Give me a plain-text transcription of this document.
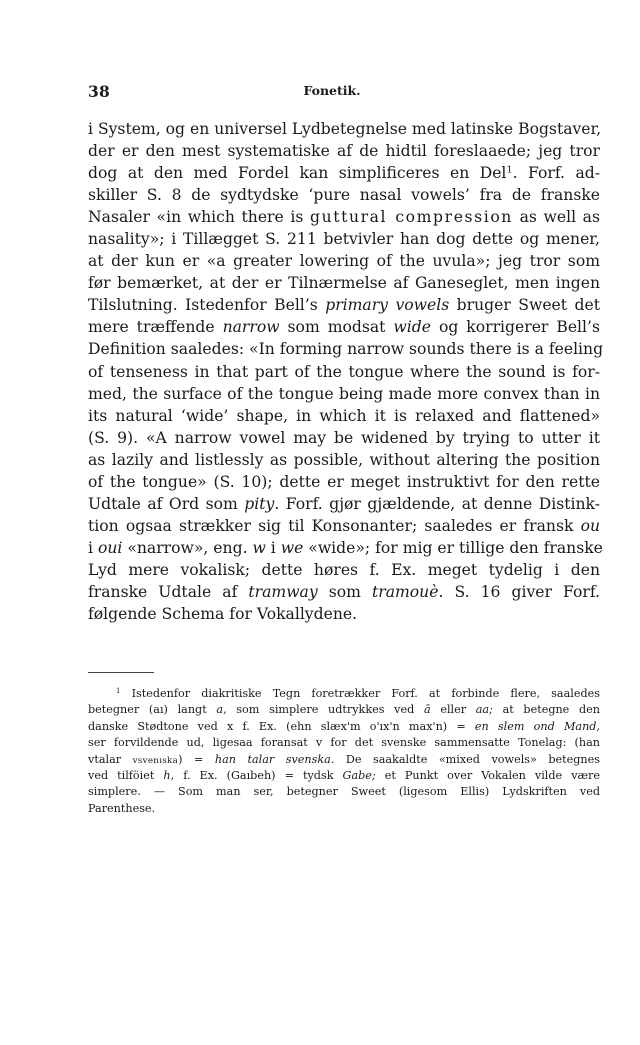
38	Fonetik.
i System, og en universel Lydbetegnelse med latinske Bogstaver,
der er den mest systematiske af de hidtil foreslaaede; jeg tror
dog at den med Fordel kan simplificeres en Del$^1$. Forf. ad-
skiller S. 8 de sydtydske ‘pure nasal vowels’ fra de franske
Nasaler «in which there is guttural compression as well as
nasality»; i Tillægget S. 211 betvivler han dog dette og mener,
at der kun er «a greater lowering of the uvula»; jeg tror som
før bemærket, at der er Tilnærmelse af Ganeseglet, men ingen
Tilslutning. Istedenfor Bell’s primary vowels bruger Sweet det
mere træffende narrow som modsat wide og korrigerer Bell’s
Definition saaledes: «In forming narrow sounds there is a feeling
of tenseness in that part of the tongue where the sound is for-
med, the surface of the tongue being made more convex than in
its natural ‘wide’ shape, in which it is relaxed and flattened»
(S. 9). «A narrow vowel may be widened by trying to utter it
as lazily and listlessly as possible, without altering the position
of the tongue» (S. 10); dette er meget instruktivt for den rette
Udtale af Ord som pity. Forf. gjør gjældende, at denne Distink-
tion ogsaa strækker sig til Konsonanter; saaledes er fransk ou
i oui «narrow», eng. w i we «wide»; for mig er tillige den franske
Lyd mere vokalisk; dette høres f. Ex. meget tydelig i den
franske Udtale af tramway som tramouè. S. 16 giver Forf.
følgende Schema for Vokallydene.
$^1$ Istedenfor diakritiske Tegn foretrækker Forf. at forbinde flere, saaledes
betegner (aı) langt a, som simplere udtrykkes ved ā eller aa; at betegne den
danske Stødtone ved x f. Ex. (ehn slæx'm o'ıx'n max'n) = en slem ond Mand,
ser forvildende ud, ligesaa foransat v for det svenske sammensatte Tonelag: (han
vtalar vsvenıska) = han talar svenska. De saakaldte «mixed vowels» betegnes
ved tilföiet h, f. Ex. (Gaıbeh) = tydsk Gabe; et Punkt over Vokalen vilde være
simplere. — Som man ser, betegner Sweet (ligesom Ellis) Lydskriften ved
Parenthese.
